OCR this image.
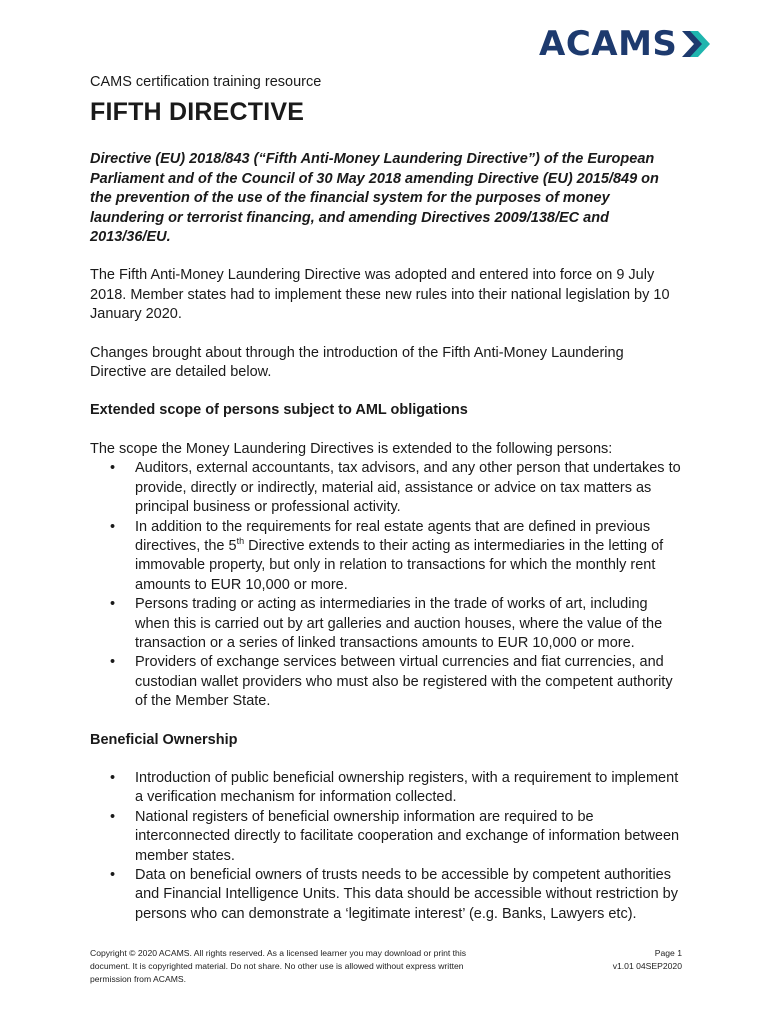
ACAMS
CAMS certification training resource
FIFTH DIRECTIVE
Directive (EU) 2018/843 (“Fifth Anti-Money Laundering Directive”) of the European Parliament and of the Council of 30 May 2018 amending Directive (EU) 2015/849 on the prevention of the use of the financial system for the purposes of money laundering or terrorist financing, and amending Directives 2009/138/EC and 2013/36/EU.

The Fifth Anti-Money Laundering Directive was adopted and entered into force on 9 July 2018. Member states had to implement these new rules into their national legislation by 10 January 2020.

Changes brought about through the introduction of the Fifth Anti-Money Laundering Directive are detailed below.

Extended scope of persons subject to AML obligations
The scope the Money Laundering Directives is extended to the following persons:
• Auditors, external accountants, tax advisors, and any other person that undertakes to provide, directly or indirectly, material aid, assistance or advice on tax matters as principal business or professional activity.
• In addition to the requirements for real estate agents that are defined in previous directives, the 5th Directive extends to their acting as intermediaries in the letting of immovable property, but only in relation to transactions for which the monthly rent amounts to EUR 10,000 or more.
• Persons trading or acting as intermediaries in the trade of works of art, including when this is carried out by art galleries and auction houses, where the value of the transaction or a series of linked transactions amounts to EUR 10,000 or more.
• Providers of exchange services between virtual currencies and fiat currencies, and custodian wallet providers who must also be registered with the competent authority of the Member State.
Beneficial Ownership
• Introduction of public beneficial ownership registers, with a requirement to implement a verification mechanism for information collected.
• National registers of beneficial ownership information are required to be interconnected directly to facilitate cooperation and exchange of information between member states.
• Data on beneficial owners of trusts needs to be accessible by competent authorities and Financial Intelligence Units. This data should be accessible without restriction by persons who can demonstrate a ‘legitimate interest’ (e.g. Banks, Lawyers etc).
Copyright © 2020 ACAMS. All rights reserved. As a licensed learner you may download or print this document. It is copyrighted material. Do not share. No other use is allowed without express written permission from ACAMS.
Page 1
v1.01 04SEP2020
